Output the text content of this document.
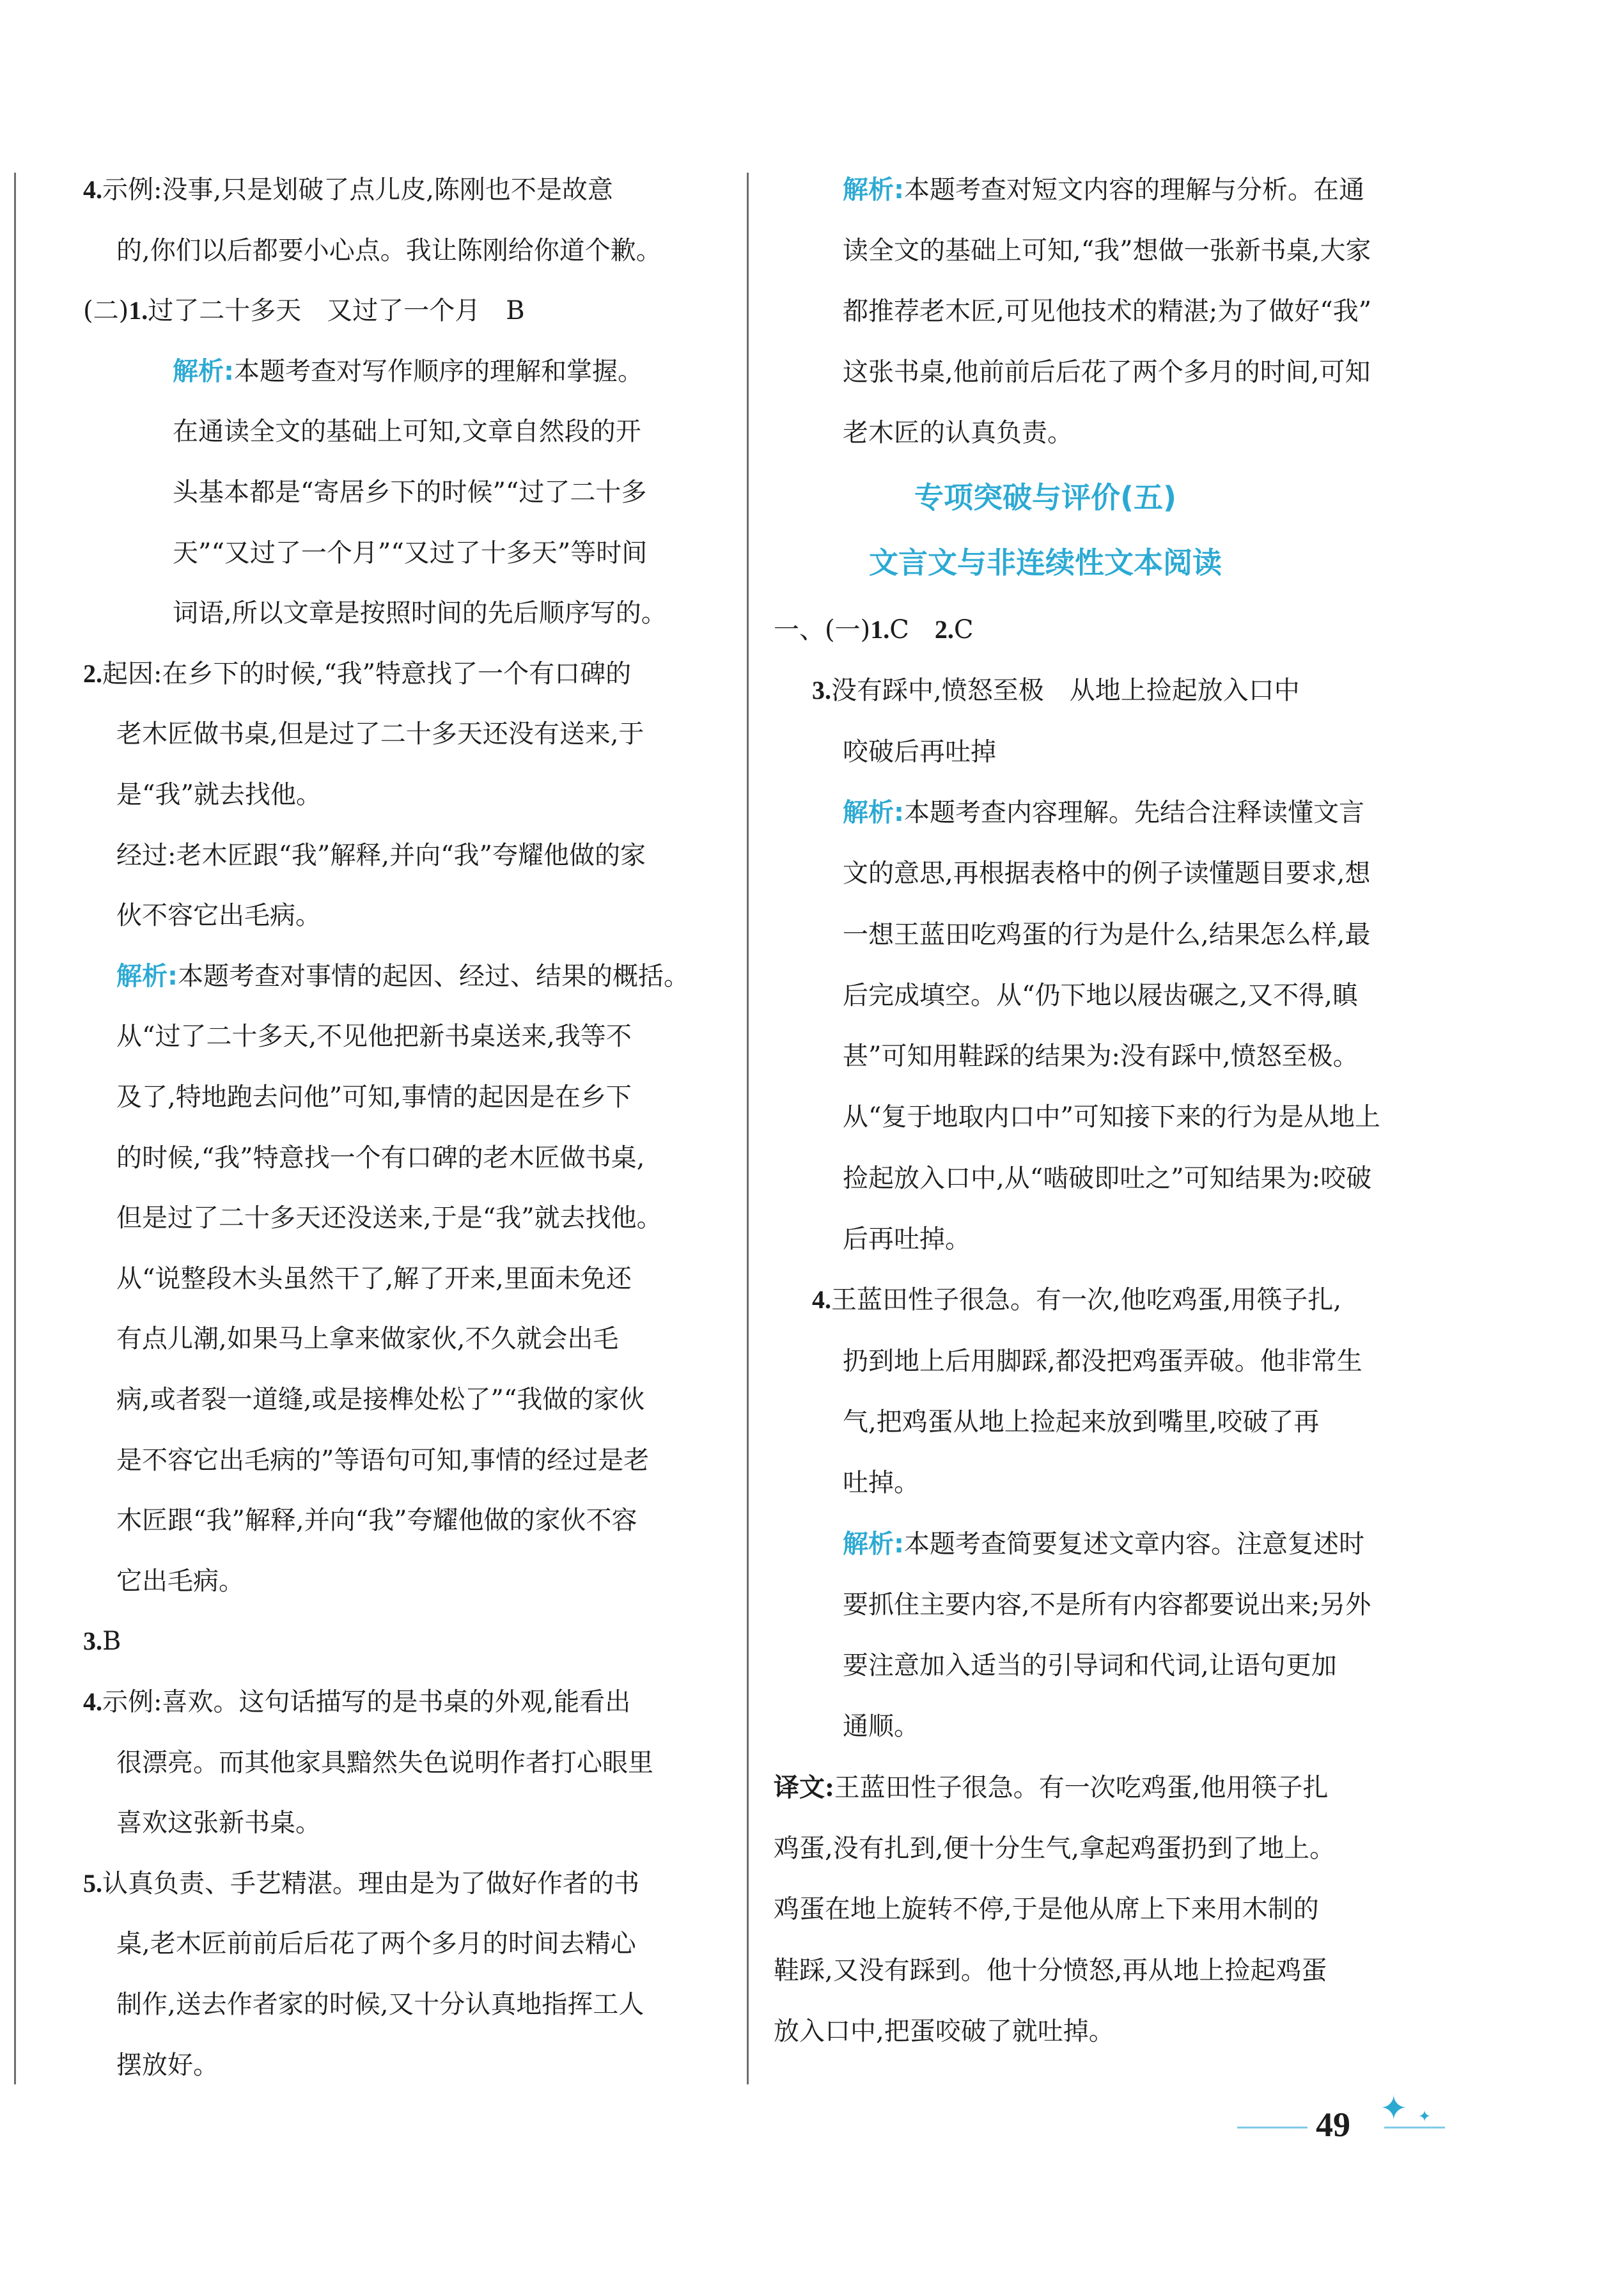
4.示例:没事,只是划破了点儿皮,陈刚也不是故意
的,你们以后都要小心点。我让陈刚给你道个歉。
(二)1.过了二十多天　又过了一个月　B
解析:本题考查对写作顺序的理解和掌握。
在通读全文的基础上可知,文章自然段的开
头基本都是“寄居乡下的时候”“过了二十多
天”“又过了一个月”“又过了十多天”等时间
词语,所以文章是按照时间的先后顺序写的。
2.起因:在乡下的时候,“我”特意找了一个有口碑的
老木匠做书桌,但是过了二十多天还没有送来,于
是“我”就去找他。
经过:老木匠跟“我”解释,并向“我”夸耀他做的家
伙不容它出毛病。
解析:本题考查对事情的起因、经过、结果的概括。
从“过了二十多天,不见他把新书桌送来,我等不
及了,特地跑去问他”可知,事情的起因是在乡下
的时候,“我”特意找一个有口碑的老木匠做书桌,
但是过了二十多天还没送来,于是“我”就去找他。
从“说整段木头虽然干了,解了开来,里面未免还
有点儿潮,如果马上拿来做家伙,不久就会出毛
病,或者裂一道缝,或是接榫处松了”“我做的家伙
是不容它出毛病的”等语句可知,事情的经过是老
木匠跟“我”解释,并向“我”夸耀他做的家伙不容
它出毛病。
3.B
4.示例:喜欢。这句话描写的是书桌的外观,能看出
很漂亮。而其他家具黯然失色说明作者打心眼里
喜欢这张新书桌。
5.认真负责、手艺精湛。理由是为了做好作者的书
桌,老木匠前前后后花了两个多月的时间去精心
制作,送去作者家的时候,又十分认真地指挥工人
摆放好。
解析:本题考查对短文内容的理解与分析。在通
读全文的基础上可知,“我”想做一张新书桌,大家
都推荐老木匠,可见他技术的精湛;为了做好“我”
这张书桌,他前前后后花了两个多月的时间,可知
老木匠的认真负责。
专项突破与评价(五)
文言文与非连续性文本阅读
一、(一)1.C　2.C
3.没有踩中,愤怒至极　从地上捡起放入口中
咬破后再吐掉
解析:本题考查内容理解。先结合注释读懂文言
文的意思,再根据表格中的例子读懂题目要求,想
一想王蓝田吃鸡蛋的行为是什么,结果怎么样,最
后完成填空。从“仍下地以屐齿碾之,又不得,瞋
甚”可知用鞋踩的结果为:没有踩中,愤怒至极。
从“复于地取内口中”可知接下来的行为是从地上
捡起放入口中,从“啮破即吐之”可知结果为:咬破
后再吐掉。
4.王蓝田性子很急。有一次,他吃鸡蛋,用筷子扎,
扔到地上后用脚踩,都没把鸡蛋弄破。他非常生
气,把鸡蛋从地上捡起来放到嘴里,咬破了再
吐掉。
解析:本题考查简要复述文章内容。注意复述时
要抓住主要内容,不是所有内容都要说出来;另外
要注意加入适当的引导词和代词,让语句更加
通顺。
译文:王蓝田性子很急。有一次吃鸡蛋,他用筷子扎
鸡蛋,没有扎到,便十分生气,拿起鸡蛋扔到了地上。
鸡蛋在地上旋转不停,于是他从席上下来用木制的
鞋踩,又没有踩到。他十分愤怒,再从地上捡起鸡蛋
放入口中,把蛋咬破了就吐掉。
49 ✦ ✦
